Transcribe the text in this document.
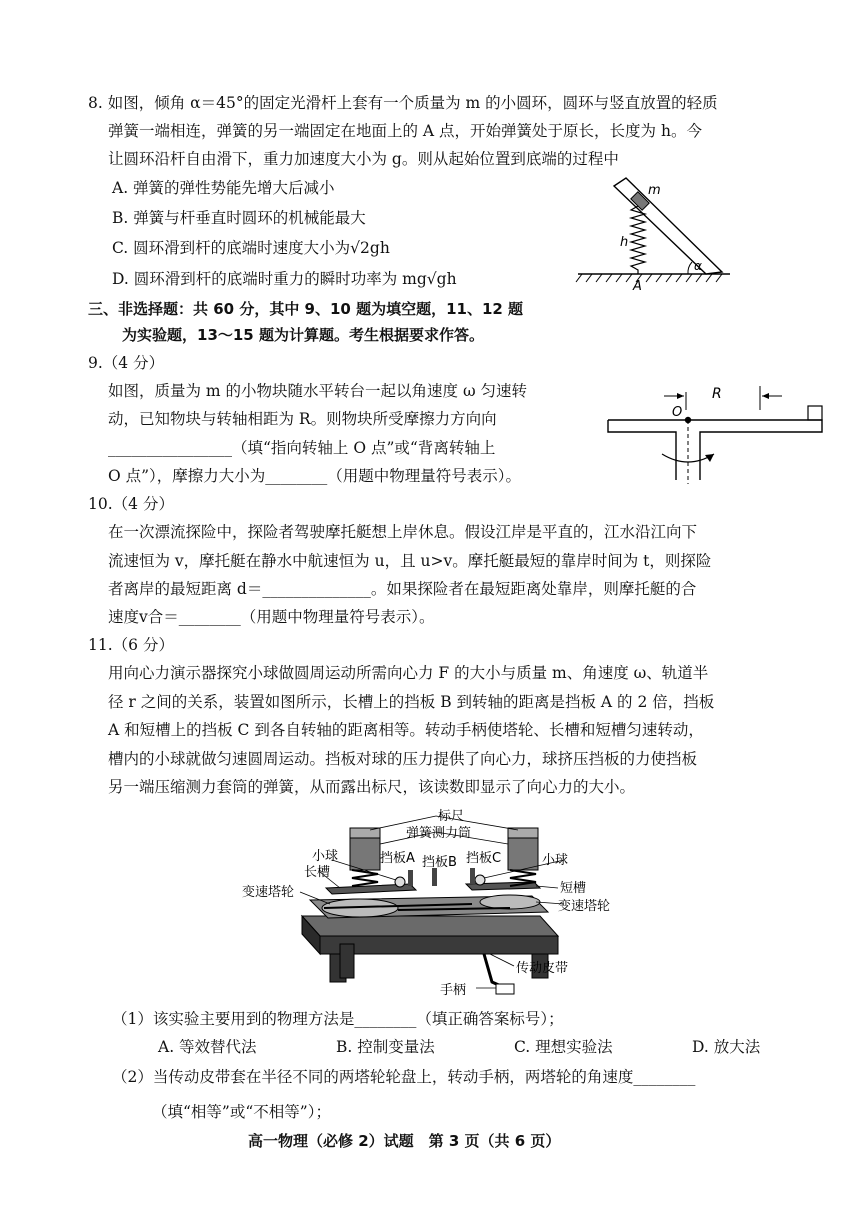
8. 如图，倾角 α＝45°的固定光滑杆上套有一个质量为 m 的小圆环，圆环与竖直放置的轻质
弹簧一端相连，弹簧的另一端固定在地面上的 A 点，开始弹簧处于原长，长度为 h。今
让圆环沿杆自由滑下，重力加速度大小为 g。则从起始位置到底端的过程中
A. 弹簧的弹性势能先增大后减小
B. 弹簧与杆垂直时圆环的机械能最大
C. 圆环滑到杆的底端时速度大小为√2gh
D. 圆环滑到杆的底端时重力的瞬时功率为 mg√gh
m
h
α
A
三、非选择题：共 60 分，其中 9、10 题为填空题，11、12 题
为实验题，13～15 题为计算题。考生根据要求作答。
9.（4 分）
如图，质量为 m 的小物块随水平转台一起以角速度 ω 匀速转
动，已知物块与转轴相距为 R。则物块所受摩擦力方向向
________________（填“指向转轴上 O 点”或“背离转轴上
O 点”），摩擦力大小为________（用题中物理量符号表示）。
R
O
10.（4 分）
在一次漂流探险中，探险者驾驶摩托艇想上岸休息。假设江岸是平直的，江水沿江向下
流速恒为 v，摩托艇在静水中航速恒为 u，且 u>v。摩托艇最短的靠岸时间为 t，则探险
者离岸的最短距离 d＝______________。如果探险者在最短距离处靠岸，则摩托艇的合
速度v合＝________（用题中物理量符号表示）。
11.（6 分）
用向心力演示器探究小球做圆周运动所需向心力 F 的大小与质量 m、角速度 ω、轨道半
径 r 之间的关系，装置如图所示，长槽上的挡板 B 到转轴的距离是挡板 A 的 2 倍，挡板
A 和短槽上的挡板 C 到各自转轴的距离相等。转动手柄使塔轮、长槽和短槽匀速转动，
槽内的小球就做匀速圆周运动。挡板对球的压力提供了向心力，球挤压挡板的力使挡板
另一端压缩测力套筒的弹簧，从而露出标尺，该读数即显示了向心力的大小。
标尺
弹簧测力筒
小球	小球
挡板A 挡板B 挡板C
长槽
短槽
变速塔轮
变速塔轮
传动皮带
手柄
（1）该实验主要用到的物理方法是________（填正确答案标号）；
A. 等效替代法	B. 控制变量法	C. 理想实验法	D. 放大法
（2）当传动皮带套在半径不同的两塔轮轮盘上，转动手柄，两塔轮的角速度________
（填“相等”或“不相等”）；
高一物理（必修 2）试题　第 3 页（共 6 页）
